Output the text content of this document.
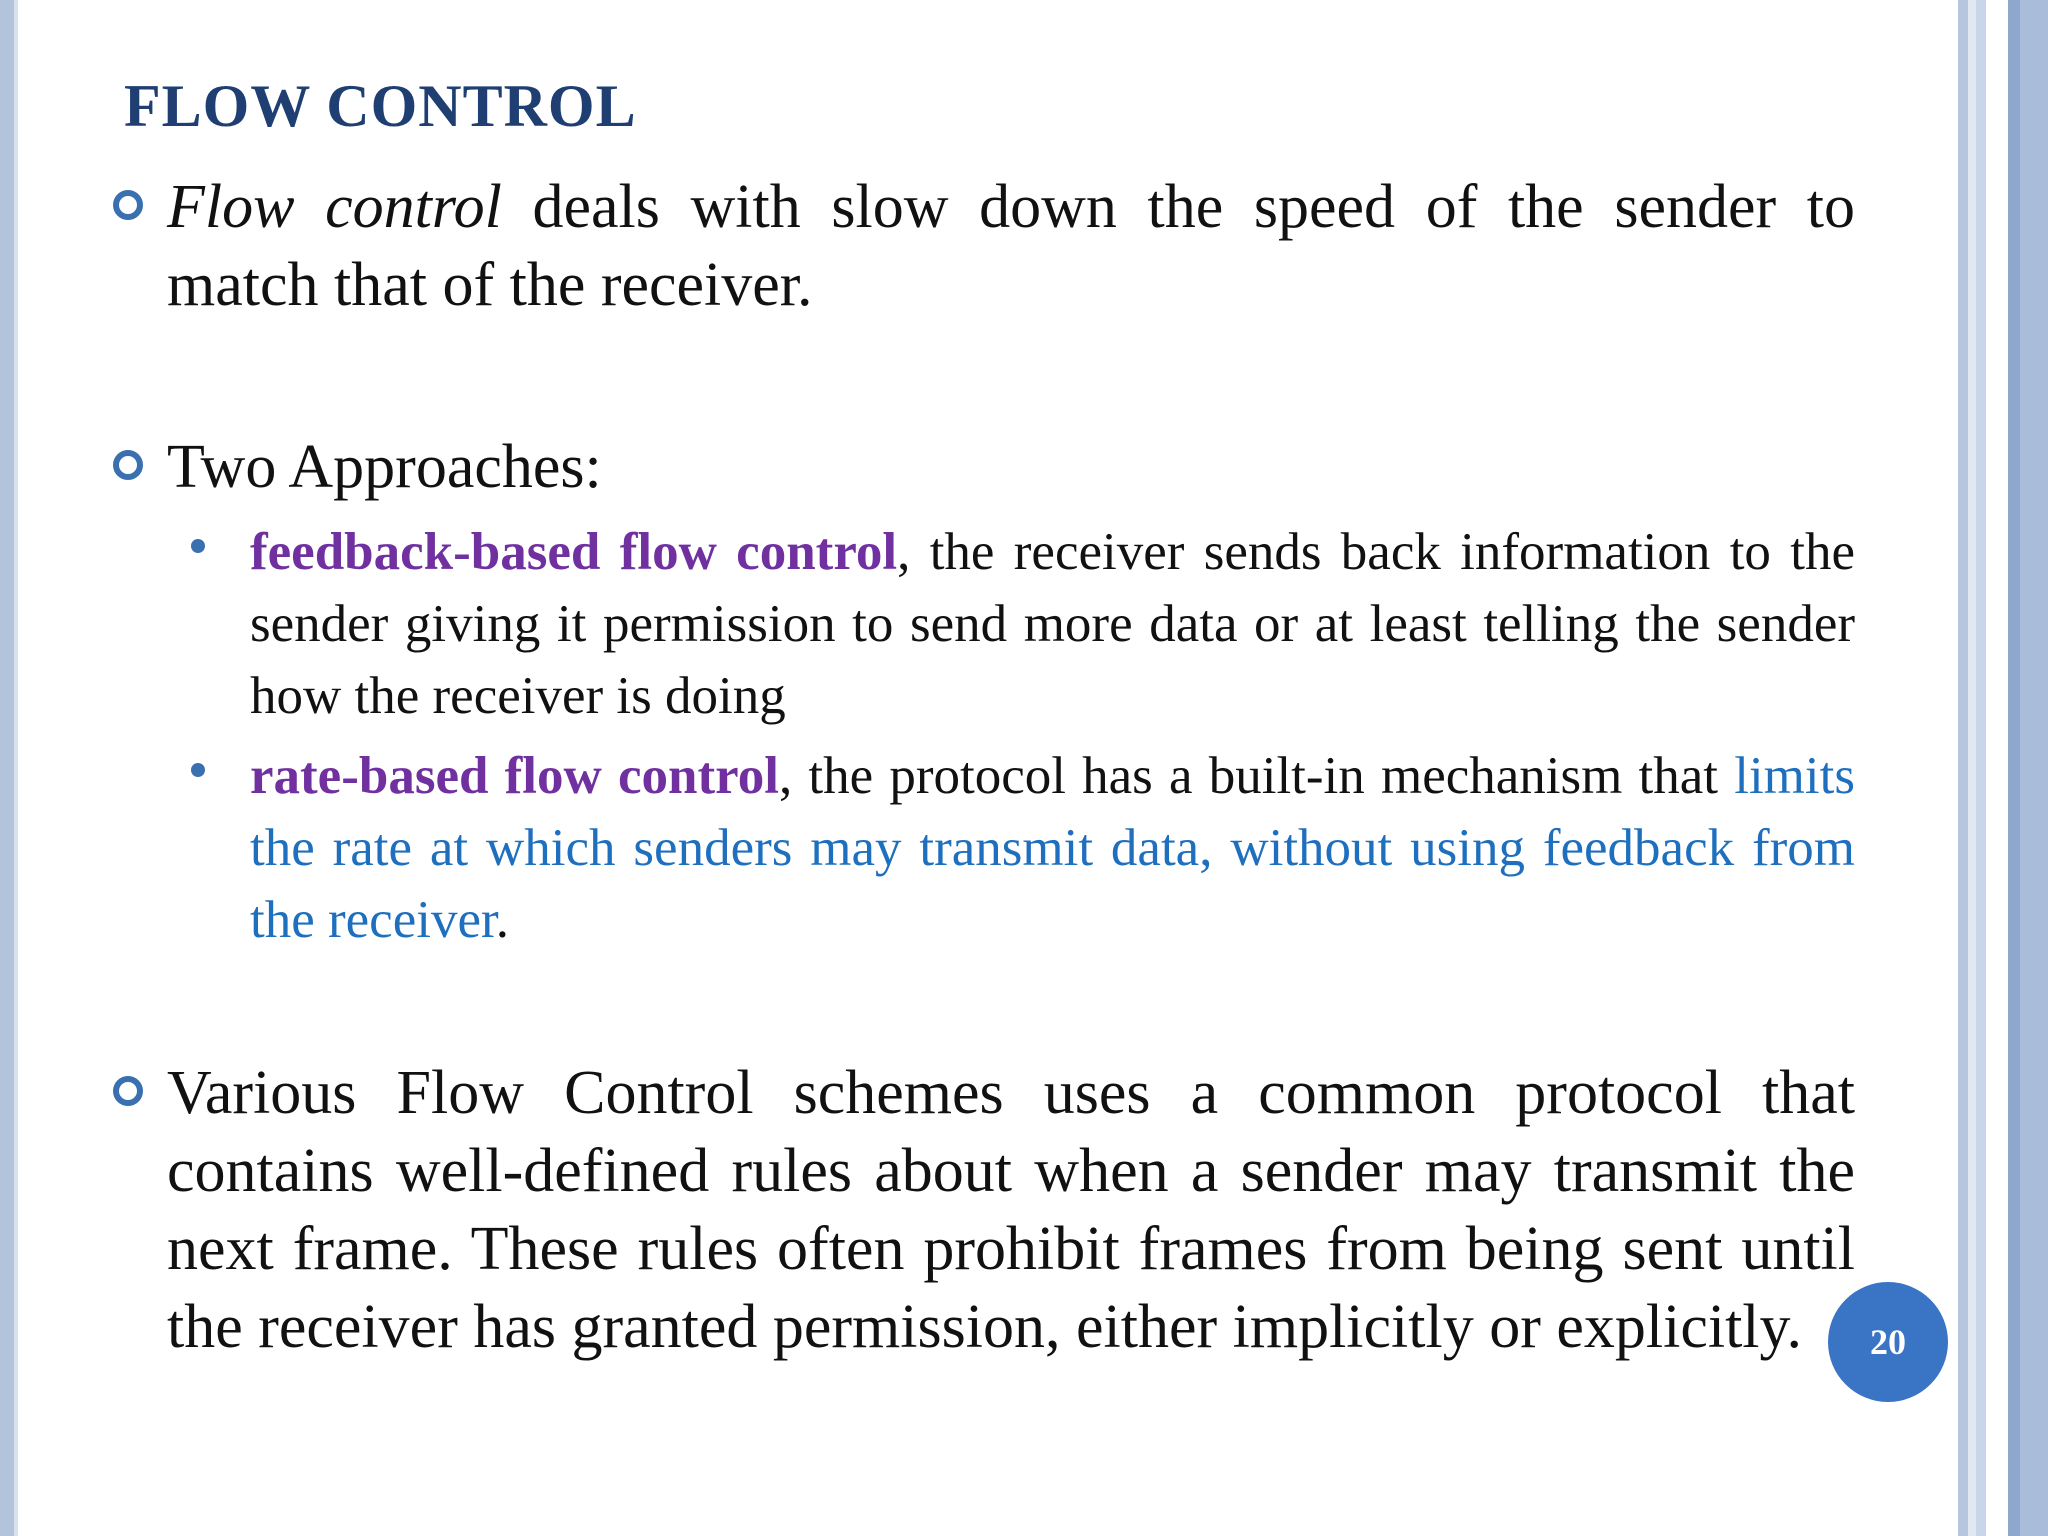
FLOW CONTROL
Flow control deals with slow down the speed of the sender to match that of the receiver.
Two Approaches:
feedback-based flow control, the receiver sends back information to the sender giving it permission to send more data or at least telling the sender how the receiver is doing
rate-based flow control, the protocol has a built-in mechanism that limits the rate at which senders may transmit data, without using feedback from the receiver.
Various Flow Control schemes uses a common protocol that contains well-defined rules about when a sender may transmit the next frame. These rules often prohibit frames from being sent until the receiver has granted permission, either implicitly or explicitly.	20
